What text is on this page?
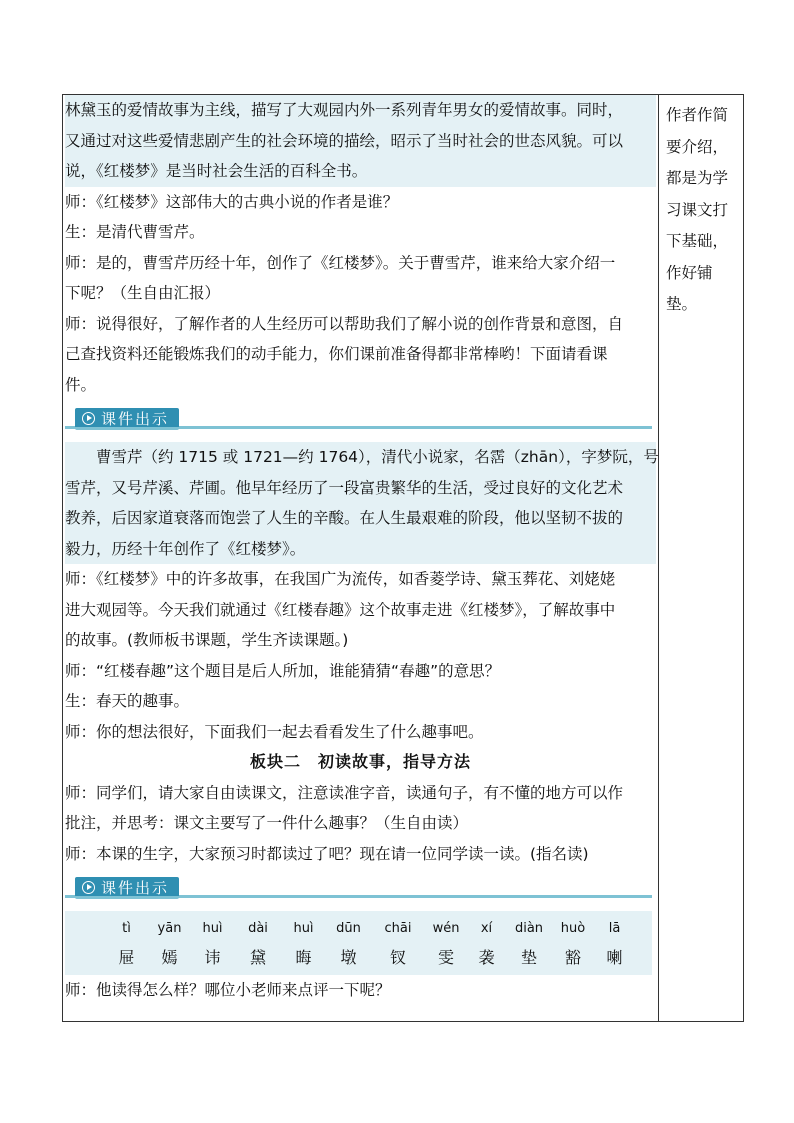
林黛玉的爱情故事为主线，描写了大观园内外一系列青年男女的爱情故事。同时，
又通过对这些爱情悲剧产生的社会环境的描绘，昭示了当时社会的世态风貌。可以
说，《红楼梦》是当时社会生活的百科全书。
师：《红楼梦》这部伟大的古典小说的作者是谁？
生：是清代曹雪芹。
师：是的，曹雪芹历经十年，创作了《红楼梦》。关于曹雪芹，谁来给大家介绍一
下呢？（生自由汇报）
师：说得很好，了解作者的人生经历可以帮助我们了解小说的创作背景和意图，自
己查找资料还能锻炼我们的动手能力，你们课前准备得都非常棒哟！下面请看课
件。
课件出示
曹雪芹（约 1715 或 1721—约 1764），清代小说家，名霑（zhān），字梦阮，号
雪芹，又号芹溪、芹圃。他早年经历了一段富贵繁华的生活，受过良好的文化艺术
教养，后因家道衰落而饱尝了人生的辛酸。在人生最艰难的阶段，他以坚韧不拔的
毅力，历经十年创作了《红楼梦》。
师：《红楼梦》中的许多故事，在我国广为流传，如香菱学诗、黛玉葬花、刘姥姥
进大观园等。今天我们就通过《红楼春趣》这个故事走进《红楼梦》，了解故事中
的故事。(教师板书课题，学生齐读课题。)
师：“红楼春趣”这个题目是后人所加，谁能猜猜“春趣”的意思？
生：春天的趣事。
师：你的想法很好，下面我们一起去看看发生了什么趣事吧。
板块二　初读故事，指导方法
师：同学们，请大家自由读课文，注意读准字音，读通句子，有不懂的地方可以作
批注，并思考：课文主要写了一件什么趣事？（生自由读）
师：本课的生字，大家预习时都读过了吧？现在请一位同学读一读。(指名读)
课件出示
tì	yān	huì	dài	huì	dūn	chāi	wén	xí	diàn	huò	lā
屉	嫣	讳	黛	晦	墩	钗	雯	袭	垫	豁	喇
师：他读得怎么样？哪位小老师来点评一下呢？
作者作简
要介绍，
都是为学
习课文打
下基础，
作好铺
垫。
